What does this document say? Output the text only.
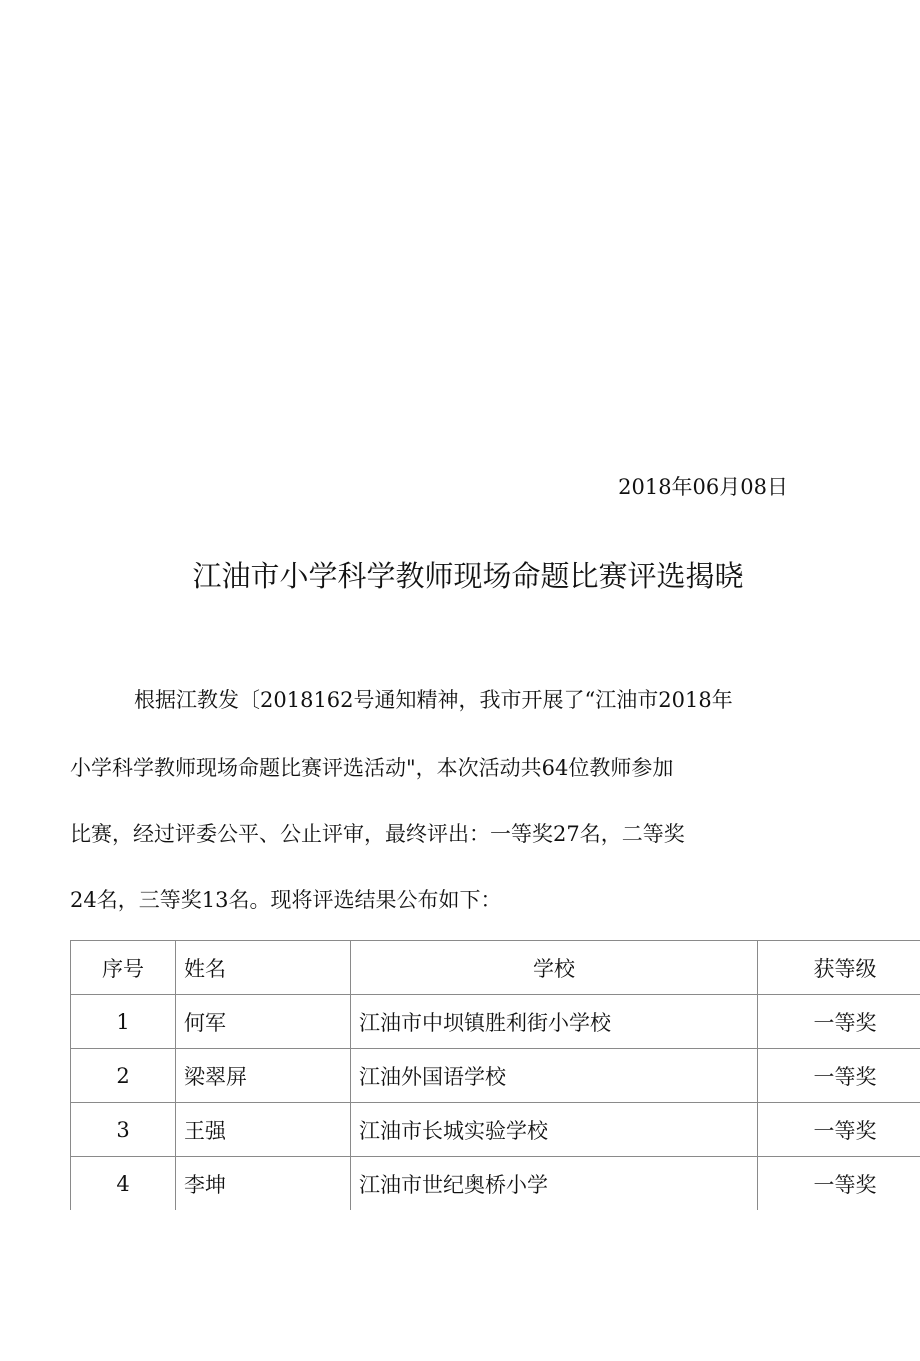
2018年06月08日
江油市小学科学教师现场命题比赛评选揭晓
根据江教发〔2018162号通知精神，我市开展了“江油市2018年
小学科学教师现场命题比赛评选活动"，本次活动共64位教师参加
比赛，经过评委公平、公止评审，最终评出：一等奖27名，二等奖
24名，三等奖13名。现将评选结果公布如下：
序号	姓名	学校	获等级
1	何军	江油市中坝镇胜利街小学校	一等奖
2	梁翠屏	江油外国语学校	一等奖
3	王强	江油市长城实验学校	一等奖
4	李坤	江油市世纪奥桥小学	一等奖
